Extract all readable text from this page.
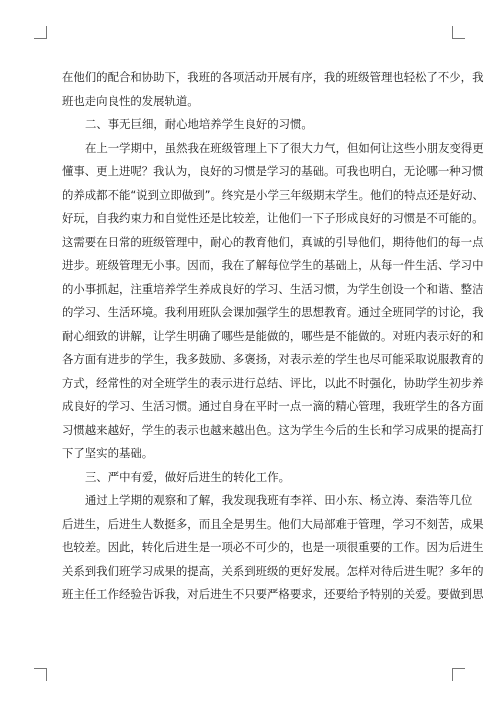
在他们的配合和协助下，我班的各项活动开展有序，我的班级管理也轻松了不少，我
班也走向良性的发展轨道。
二、事无巨细，耐心地培养学生良好的习惯。
在上一学期中，虽然我在班级管理上下了很大力气，但如何让这些小朋友变得更
懂事、更上进呢？我认为，良好的习惯是学习的基础。可我也明白，无论哪一种习惯
的养成都不能“说到立即做到”。终究是小学三年级期末学生。他们的特点还是好动、
好玩，自我约束力和自觉性还是比较差，让他们一下子形成良好的习惯是不可能的。
这需要在日常的班级管理中，耐心的教育他们，真诚的引导他们，期待他们的每一点
进步。班级管理无小事。因而，我在了解每位学生的基础上，从每一件生活、学习中
的小事抓起，注重培养学生养成良好的学习、生活习惯，为学生创设一个和谐、整洁
的学习、生活环境。我利用班队会课加强学生的思想教育。通过全班同学的讨论，我
耐心细致的讲解，让学生明确了哪些是能做的，哪些是不能做的。对班内表示好的和
各方面有进步的学生，我多鼓励、多褒扬，对表示差的学生也尽可能采取说服教育的
方式，经常性的对全班学生的表示进行总结、评比，以此不时强化，协助学生初步养
成良好的学习、生活习惯。通过自身在平时一点一滴的精心管理，我班学生的各方面
习惯越来越好，学生的表示也越来越出色。这为学生今后的生长和学习成果的提高打
下了坚实的基础。
三、严中有爱，做好后进生的转化工作。
通过上学期的观察和了解，我发现我班有李祥、田小东、杨立涛、秦浩等几位
后进生，后进生人数挺多，而且全是男生。他们大局部难于管理，学习不刻苦，成果
也较差。因此，转化后进生是一项必不可少的，也是一项很重要的工作。因为后进生
关系到我们班学习成果的提高，关系到班级的更好发展。怎样对待后进生呢？多年的
班主任工作经验告诉我，对后进生不只要严格要求，还要给予特别的关爱。要做到思
